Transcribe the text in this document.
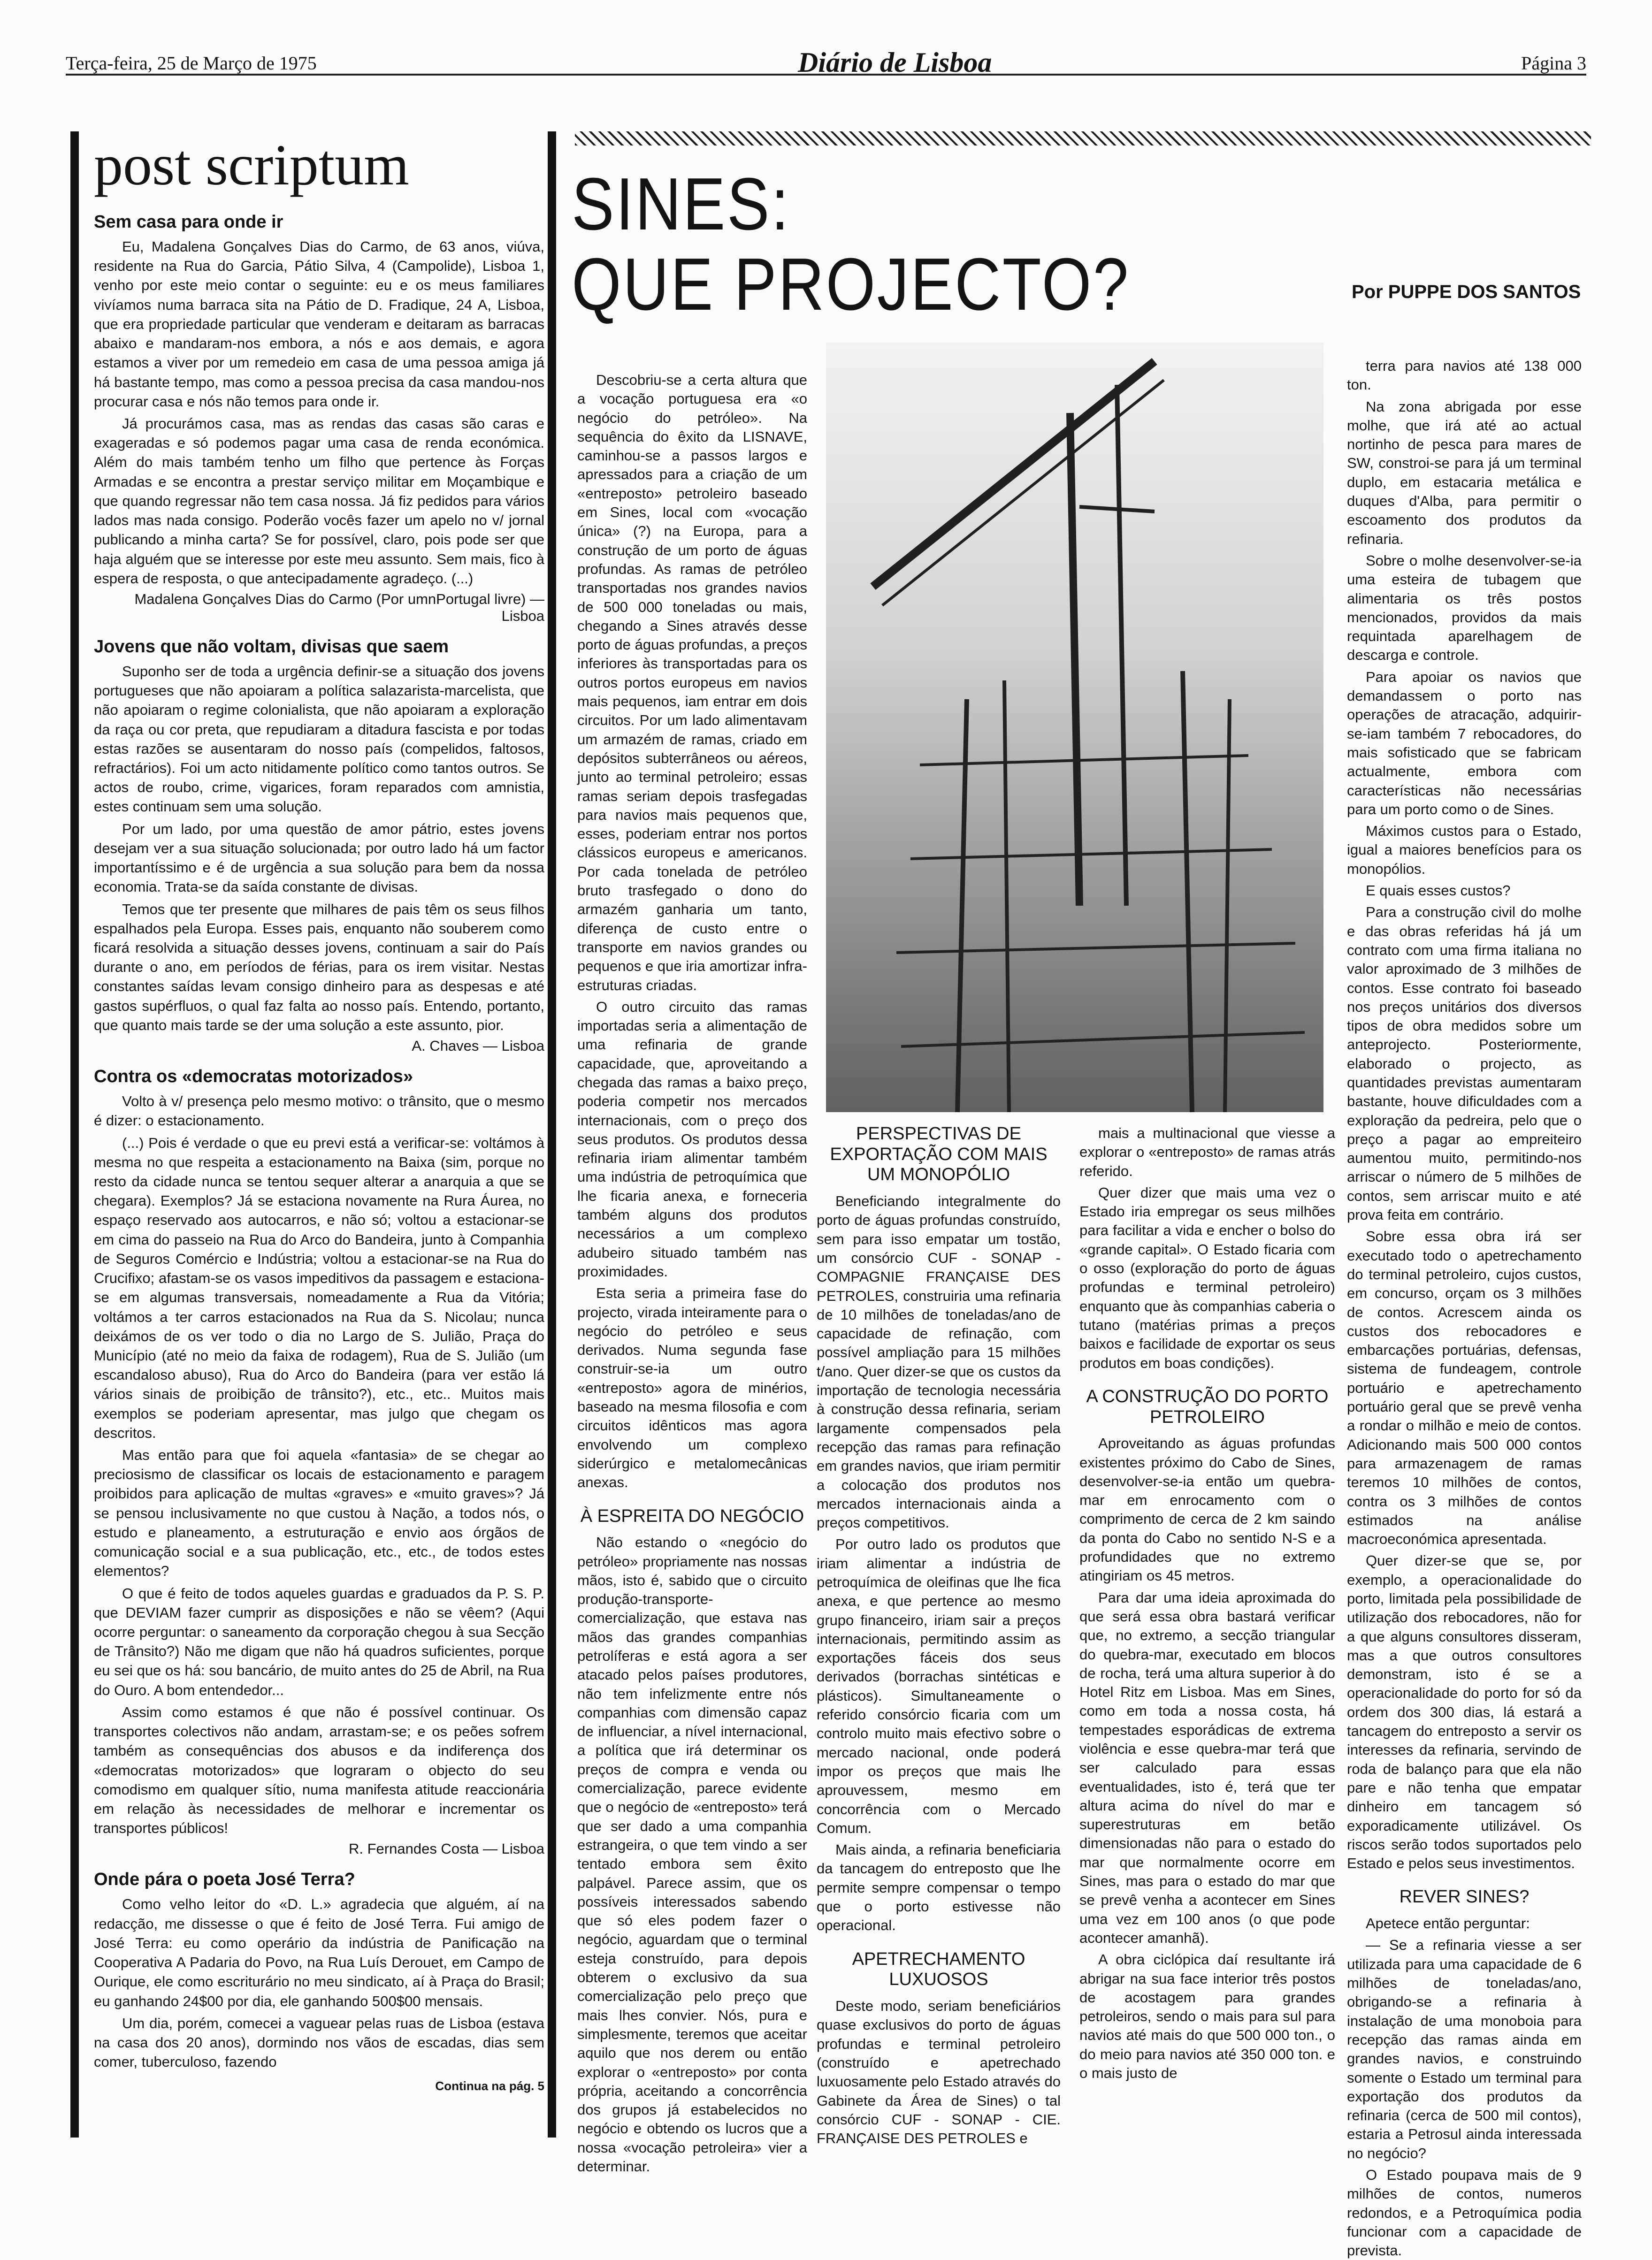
Terça-feira, 25 de Março de 1975	Diário de Lisboa	Página 3
post scriptum
Sem casa para onde ir

Eu, Madalena Gonçalves Dias do Carmo, de 63 anos, viúva, residente na Rua do Garcia, Pátio Silva, 4 (Campolide), Lisboa 1, venho por este meio contar o seguinte: eu e os meus familiares vivíamos numa barraca sita na Pátio de D. Fradique, 24 A, Lisboa, que era propriedade particular que venderam e deitaram as barracas abaixo e mandaram-nos embora, a nós e aos demais, e agora estamos a viver por um remedeio em casa de uma pessoa amiga já há bastante tempo, mas como a pessoa precisa da casa mandou-nos procurar casa e nós não temos para onde ir.

Já procurámos casa, mas as rendas das casas são caras e exageradas e só podemos pagar uma casa de renda económica. Além do mais também tenho um filho que pertence às Forças Armadas e se encontra a prestar serviço militar em Moçambique e que quando regressar não tem casa nossa. Já fiz pedidos para vários lados mas nada consigo. Poderão vocês fazer um apelo no v/ jornal publicando a minha carta? Se for possível, claro, pois pode ser que haja alguém que se interesse por este meu assunto. Sem mais, fico à espera de resposta, o que antecipadamente agradeço. (...)

Madalena Gonçalves Dias do Carmo (Por umnPortugal livre) — Lisboa
Jovens que não voltam, divisas que saem

Suponho ser de toda a urgência definir-se a situação dos jovens portugueses que não apoiaram a política salazarista-marcelista, que não apoiaram o regime colonialista, que não apoiaram a exploração da raça ou cor preta, que repudiaram a ditadura fascista e por todas estas razões se ausentaram do nosso país (compelidos, faltosos, refractários). Foi um acto nitidamente político como tantos outros. Se actos de roubo, crime, vigarices, foram reparados com amnistia, estes continuam sem uma solução.

Por um lado, por uma questão de amor pátrio, estes jovens desejam ver a sua situação solucionada; por outro lado há um factor importantíssimo e é de urgência a sua solução para bem da nossa economia. Trata-se da saída constante de divisas.

Temos que ter presente que milhares de pais têm os seus filhos espalhados pela Europa. Esses pais, enquanto não souberem como ficará resolvida a situação desses jovens, continuam a sair do País durante o ano, em períodos de férias, para os irem visitar. Nestas constantes saídas levam consigo dinheiro para as despesas e até gastos supérfluos, o qual faz falta ao nosso país. Entendo, portanto, que quanto mais tarde se der uma solução a este assunto, pior.

A. Chaves — Lisboa
Contra os «democratas motorizados»

Volto à v/ presença pelo mesmo motivo: o trânsito, que o mesmo é dizer: o estacionamento.

(...) Pois é verdade o que eu previ está a verificar-se: voltámos à mesma no que respeita a estacionamento na Baixa (sim, porque no resto da cidade nunca se tentou sequer alterar a anarquia a que se chegara). Exemplos? Já se estaciona novamente na Rura Áurea, no espaço reservado aos autocarros, e não só; voltou a estacionar-se em cima do passeio na Rua do Arco do Bandeira, junto à Companhia de Seguros Comércio e Indústria; voltou a estacionar-se na Rua do Crucifixo; afastam-se os vasos impeditivos da passagem e estaciona-se em algumas transversais, nomeadamente a Rua da Vitória; voltámos a ter carros estacionados na Rua da S. Nicolau; nunca deixámos de os ver todo o dia no Largo de S. Julião, Praça do Município (até no meio da faixa de rodagem), Rua de S. Julião (um escandaloso abuso), Rua do Arco do Bandeira (para ver estão lá vários sinais de proibição de trânsito?), etc., etc.. Muitos mais exemplos se poderiam apresentar, mas julgo que chegam os descritos.

Mas então para que foi aquela «fantasia» de se chegar ao preciosismo de classificar os locais de estacionamento e paragem proibidos para aplicação de multas «graves» e «muito graves»? Já se pensou inclusivamente no que custou à Nação, a todos nós, o estudo e planeamento, a estruturação e envio aos órgãos de comunicação social e a sua publicação, etc., etc., de todos estes elementos?

O que é feito de todos aqueles guardas e graduados da P. S. P. que DEVIAM fazer cumprir as disposições e não se vêem? (Aqui ocorre perguntar: o saneamento da corporação chegou à sua Secção de Trânsito?) Não me digam que não há quadros suficientes, porque eu sei que os há: sou bancário, de muito antes do 25 de Abril, na Rua do Ouro. A bom entendedor...

Assim como estamos é que não é possível continuar. Os transportes colectivos não andam, arrastam-se; e os peões sofrem também as consequências dos abusos e da indiferença dos «democratas motorizados» que lograram o objecto do seu comodismo em qualquer sítio, numa manifesta atitude reaccionária em relação às necessidades de melhorar e incrementar os transportes públicos!

R. Fernandes Costa — Lisboa
Onde pára o poeta José Terra?

Como velho leitor do «D. L.» agradecia que alguém, aí na redacção, me dissesse o que é feito de José Terra. Fui amigo de José Terra: eu como operário da indústria de Panificação na Cooperativa A Padaria do Povo, na Rua Luís Derouet, em Campo de Ourique, ele como escriturário no meu sindicato, aí à Praça do Brasil; eu ganhando 24$00 por dia, ele ganhando 500$00 mensais.

Um dia, porém, comecei a vaguear pelas ruas de Lisboa (estava na casa dos 20 anos), dormindo nos vãos de escadas, dias sem comer, tuberculoso, fazendo

Continua na pág. 5
SINES:
QUE PROJECTO?	Por PUPPE DOS SANTOS

Descobriu-se a certa altura que a vocação portuguesa era «o negócio do petróleo». Na sequência do êxito da LISNAVE, caminhou-se a passos largos e apressados para a criação de um «entreposto» petroleiro baseado em Sines, local com «vocação única» (?) na Europa, para a construção de um porto de águas profundas. As ramas de petróleo transportadas nos grandes navios de 500 000 toneladas ou mais, chegando a Sines através desse porto de águas profundas, a preços inferiores às transportadas para os outros portos europeus em navios mais pequenos, iam entrar em dois circuitos. Por um lado alimentavam um armazém de ramas, criado em depósitos subterrâneos ou aéreos, junto ao terminal petroleiro; essas ramas seriam depois trasfegadas para navios mais pequenos que, esses, poderiam entrar nos portos clássicos europeus e americanos. Por cada tonelada de petróleo bruto trasfegado o dono do armazém ganharia um tanto, diferença de custo entre o transporte em navios grandes ou pequenos e que iria amortizar infra-estruturas criadas.

O outro circuito das ramas importadas seria a alimentação de uma refinaria de grande capacidade, que, aproveitando a chegada das ramas a baixo preço, poderia competir nos mercados internacionais, com o preço dos seus produtos. Os produtos dessa refinaria iriam alimentar também uma indústria de petroquímica que lhe ficaria anexa, e forneceria também alguns dos produtos necessários a um complexo adubeiro situado também nas proximidades.

Esta seria a primeira fase do projecto, virada inteiramente para o negócio do petróleo e seus derivados. Numa segunda fase construir-se-ia um outro «entreposto» agora de minérios, baseado na mesma filosofia e com circuitos idênticos mas agora envolvendo um complexo siderúrgico e metalomecânicas anexas.

À ESPREITA DO NEGÓCIO

Não estando o «negócio do petróleo» propriamente nas nossas mãos, isto é, sabido que o circuito produção-transporte-comercialização, que estava nas mãos das grandes companhias petrolíferas e está agora a ser atacado pelos países produtores, não tem infelizmente entre nós companhias com dimensão capaz de influenciar, a nível internacional, a política que irá determinar os preços de compra e venda ou comercialização, parece evidente que o negócio de «entreposto» terá que ser dado a uma companhia estrangeira, o que tem vindo a ser tentado embora sem êxito palpável. Parece assim, que os possíveis interessados sabendo que só eles podem fazer o negócio, aguardam que o terminal esteja construído, para depois obterem o exclusivo da sua comercialização pelo preço que mais lhes convier. Nós, pura e simplesmente, teremos que aceitar aquilo que nos derem ou então explorar o «entreposto» por conta própria, aceitando a concorrência dos grupos já estabelecidos no negócio e obtendo os lucros que a nossa «vocação petroleira» vier a determinar.

PERSPECTIVAS DE EXPORTAÇÃO COM MAIS UM MONOPÓLIO

Beneficiando integralmente do porto de águas profundas construído, sem para isso empatar um tostão, um consórcio CUF - SONAP - COMPAGNIE FRANÇAISE DES PETROLES, construiria uma refinaria de 10 milhões de toneladas/ano de capacidade de refinação, com possível ampliação para 15 milhões t/ano. Quer dizer-se que os custos da importação de tecnologia necessária à construção dessa refinaria, seriam largamente compensados pela recepção das ramas para refinação em grandes navios, que iriam permitir a colocação dos produtos nos mercados internacionais ainda a preços competitivos.

Por outro lado os produtos que iriam alimentar a indústria de petroquímica de oleifinas que lhe fica anexa, e que pertence ao mesmo grupo financeiro, iriam sair a preços internacionais, permitindo assim as exportações fáceis dos seus derivados (borrachas sintéticas e plásticos). Simultaneamente o referido consórcio ficaria com um controlo muito mais efectivo sobre o mercado nacional, onde poderá impor os preços que mais lhe aprouvessem, mesmo em concorrência com o Mercado Comum.

Mais ainda, a refinaria beneficiaria da tancagem do entreposto que lhe permite sempre compensar o tempo que o porto estivesse não operacional.

APETRECHAMENTO LUXUOSOS

Deste modo, seriam beneficiários quase exclusivos do porto de águas profundas e terminal petroleiro (construído e apetrechado luxuosamente pelo Estado através do Gabinete da Área de Sines) o tal consórcio CUF - SONAP - CIE. FRANÇAISE DES PETROLES e

mais a multinacional que viesse a explorar o «entreposto» de ramas atrás referido.

Quer dizer que mais uma vez o Estado iria empregar os seus milhões para facilitar a vida e encher o bolso do «grande capital». O Estado ficaria com o osso (exploração do porto de águas profundas e terminal petroleiro) enquanto que às companhias caberia o tutano (matérias primas a preços baixos e facilidade de exportar os seus produtos em boas condições).

A CONSTRUÇÃO DO PORTO PETROLEIRO

Aproveitando as águas profundas existentes próximo do Cabo de Sines, desenvolver-se-ia então um quebra-mar em enrocamento com o comprimento de cerca de 2 km saindo da ponta do Cabo no sentido N-S e a profundidades que no extremo atingiriam os 45 metros.

Para dar uma ideia aproximada do que será essa obra bastará verificar que, no extremo, a secção triangular do quebra-mar, executado em blocos de rocha, terá uma altura superior à do Hotel Ritz em Lisboa. Mas em Sines, como em toda a nossa costa, há tempestades esporádicas de extrema violência e esse quebra-mar terá que ser calculado para essas eventualidades, isto é, terá que ter altura acima do nível do mar e superestruturas em betão dimensionadas não para o estado do mar que normalmente ocorre em Sines, mas para o estado do mar que se prevê venha a acontecer em Sines uma vez em 100 anos (o que pode acontecer amanhã).

A obra ciclópica daí resultante irá abrigar na sua face interior três postos de acostagem para grandes petroleiros, sendo o mais para sul para navios até mais do que 500 000 ton., o do meio para navios até 350 000 ton. e o mais justo de

terra para navios até 138 000 ton.

Na zona abrigada por esse molhe, que irá até ao actual nortinho de pesca para mares de SW, constroi-se para já um terminal duplo, em estacaria metálica e duques d'Alba, para permitir o escoamento dos produtos da refinaria.

Sobre o molhe desenvolver-se-ia uma esteira de tubagem que alimentaria os três postos mencionados, providos da mais requintada aparelhagem de descarga e controle.

Para apoiar os navios que demandassem o porto nas operações de atracação, adquirir-se-iam também 7 rebocadores, do mais sofisticado que se fabricam actualmente, embora com características não necessárias para um porto como o de Sines.

Máximos custos para o Estado, igual a maiores benefícios para os monopólios.

E quais esses custos?

Para a construção civil do molhe e das obras referidas há já um contrato com uma firma italiana no valor aproximado de 3 milhões de contos. Esse contrato foi baseado nos preços unitários dos diversos tipos de obra medidos sobre um anteprojecto. Posteriormente, elaborado o projecto, as quantidades previstas aumentaram bastante, houve dificuldades com a exploração da pedreira, pelo que o preço a pagar ao empreiteiro aumentou muito, permitindo-nos arriscar o número de 5 milhões de contos, sem arriscar muito e até prova feita em contrário.

Sobre essa obra irá ser executado todo o apetrechamento do terminal petroleiro, cujos custos, em concurso, orçam os 3 milhões de contos. Acrescem ainda os custos dos rebocadores e embarcações portuárias, defensas, sistema de fundeagem, controle portuário e apetrechamento portuário geral que se prevê venha a rondar o milhão e meio de contos. Adicionando mais 500 000 contos para armazenagem de ramas teremos 10 milhões de contos, contra os 3 milhões de contos estimados na análise macroeconómica apresentada.

Quer dizer-se que se, por exemplo, a operacionalidade do porto, limitada pela possibilidade de utilização dos rebocadores, não for a que alguns consultores disseram, mas a que outros consultores demonstram, isto é se a operacionalidade do porto for só da ordem dos 300 dias, lá estará a tancagem do entreposto a servir os interesses da refinaria, servindo de roda de balanço para que ela não pare e não tenha que empatar dinheiro em tancagem só exporadicamente utilizável. Os riscos serão todos suportados pelo Estado e pelos seus investimentos.

REVER SINES?

Apetece então perguntar:

— Se a refinaria viesse a ser utilizada para uma capacidade de 6 milhões de toneladas/ano, obrigando-se a refinaria à instalação de uma monoboia para recepção das ramas ainda em grandes navios, e construindo somente o Estado um terminal para exportação dos produtos da refinaria (cerca de 500 mil contos), estaria a Petrosul ainda interessada no negócio?

O Estado poupava mais de 9 milhões de contos, numeros redondos, e a Petroquímica podia funcionar com a capacidade de prevista.
